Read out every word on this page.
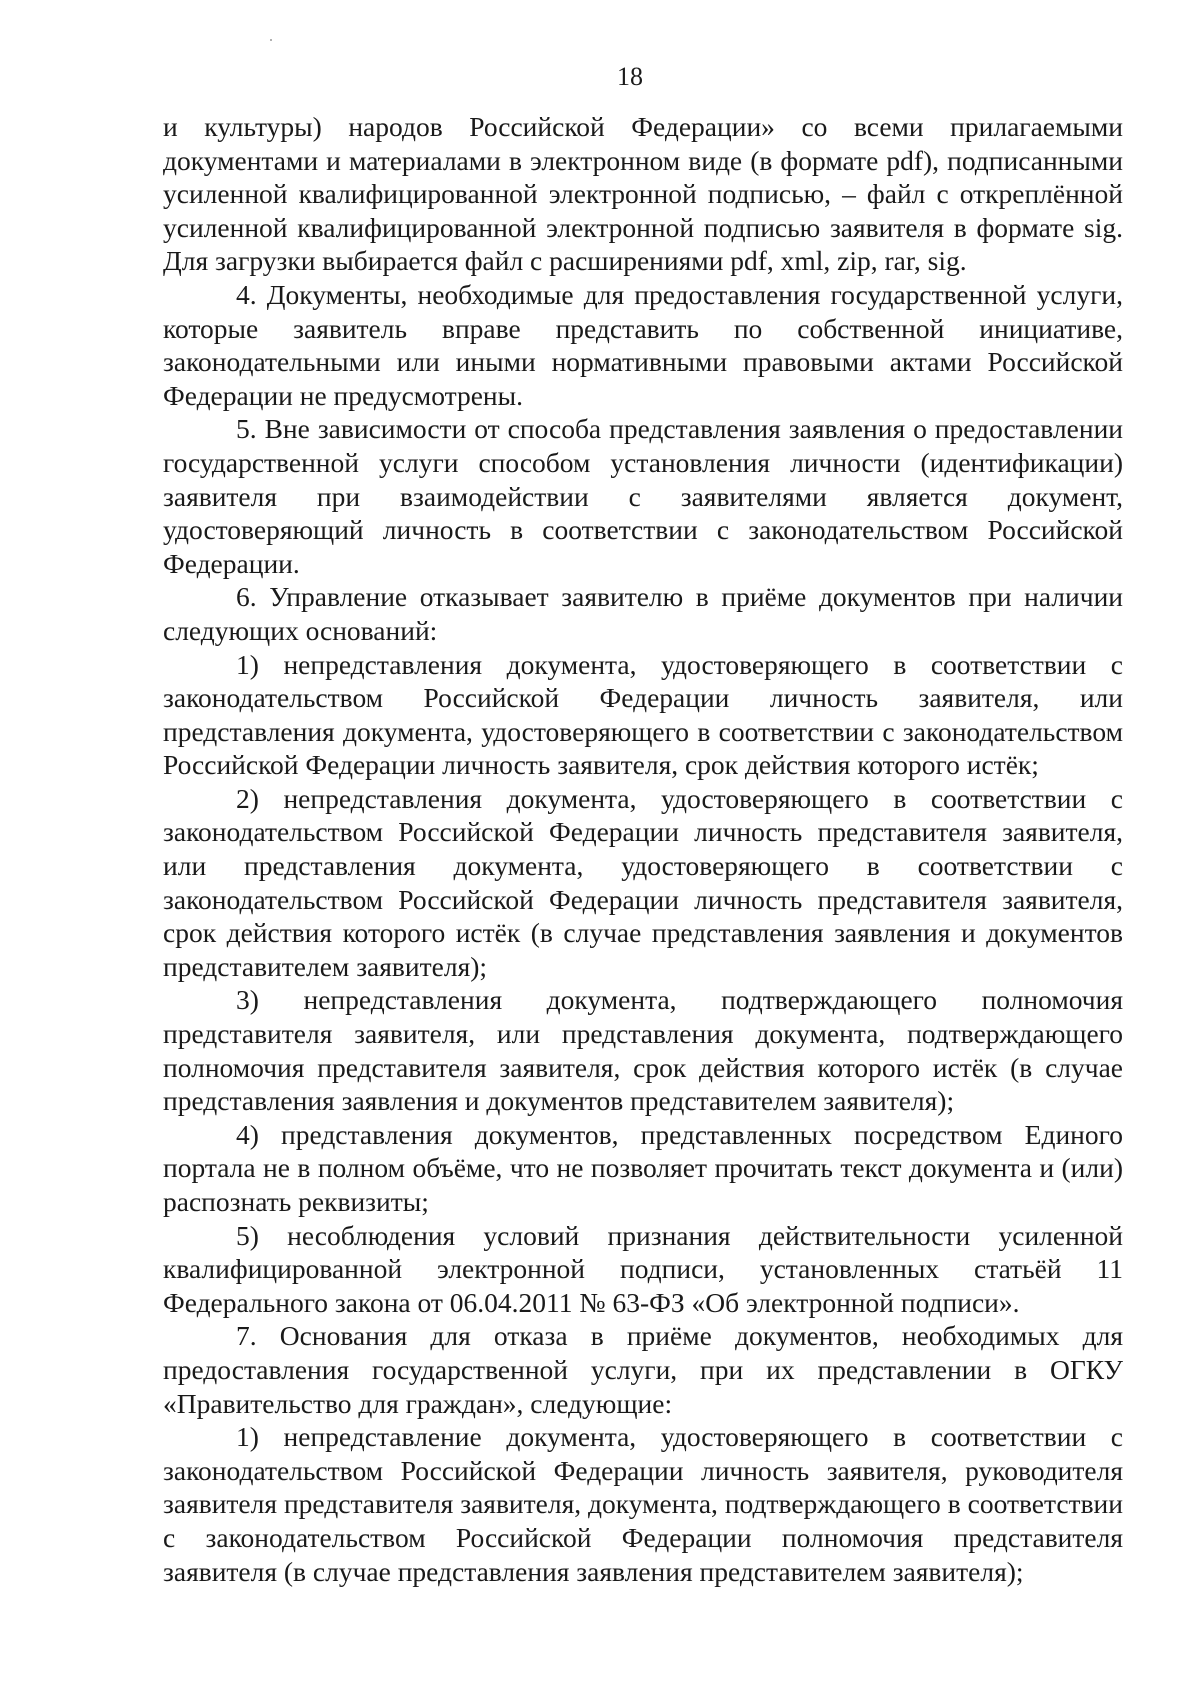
18

и культуры) народов Российской Федерации» со всеми прилагаемыми документами и материалами в электронном виде (в формате pdf), подписанными усиленной квалифицированной электронной подписью, – файл с откреплённой усиленной квалифицированной электронной подписью заявителя в формате sig. Для загрузки выбирается файл с расширениями pdf, xml, zip, rar, sig.

4. Документы, необходимые для предоставления государственной услуги, которые заявитель вправе представить по собственной инициативе, законодательными или иными нормативными правовыми актами Российской Федерации не предусмотрены.

5. Вне зависимости от способа представления заявления о предоставлении государственной услуги способом установления личности (идентификации) заявителя при взаимодействии с заявителями является документ, удостоверяющий личность в соответствии с законодательством Российской Федерации.

6. Управление отказывает заявителю в приёме документов при наличии следующих оснований:

1) непредставления документа, удостоверяющего в соответствии с законодательством Российской Федерации личность заявителя, или представления документа, удостоверяющего в соответствии с законодательством Российской Федерации личность заявителя, срок действия которого истёк;

2) непредставления документа, удостоверяющего в соответствии с законодательством Российской Федерации личность представителя заявителя, или представления документа, удостоверяющего в соответствии с законодательством Российской Федерации личность представителя заявителя, срок действия которого истёк (в случае представления заявления и документов представителем заявителя);

3) непредставления документа, подтверждающего полномочия представителя заявителя, или представления документа, подтверждающего полномочия представителя заявителя, срок действия которого истёк (в случае представления заявления и документов представителем заявителя);

4) представления документов, представленных посредством Единого портала не в полном объёме, что не позволяет прочитать текст документа и (или) распознать реквизиты;

5) несоблюдения условий признания действительности усиленной квалифицированной электронной подписи, установленных статьёй 11 Федерального закона от 06.04.2011 № 63-ФЗ «Об электронной подписи».

7. Основания для отказа в приёме документов, необходимых для предоставления государственной услуги, при их представлении в ОГКУ «Правительство для граждан», следующие:

1) непредставление документа, удостоверяющего в соответствии с законодательством Российской Федерации личность заявителя, руководителя заявителя представителя заявителя, документа, подтверждающего в соответствии с законодательством Российской Федерации полномочия представителя заявителя (в случае представления заявления представителем заявителя);
